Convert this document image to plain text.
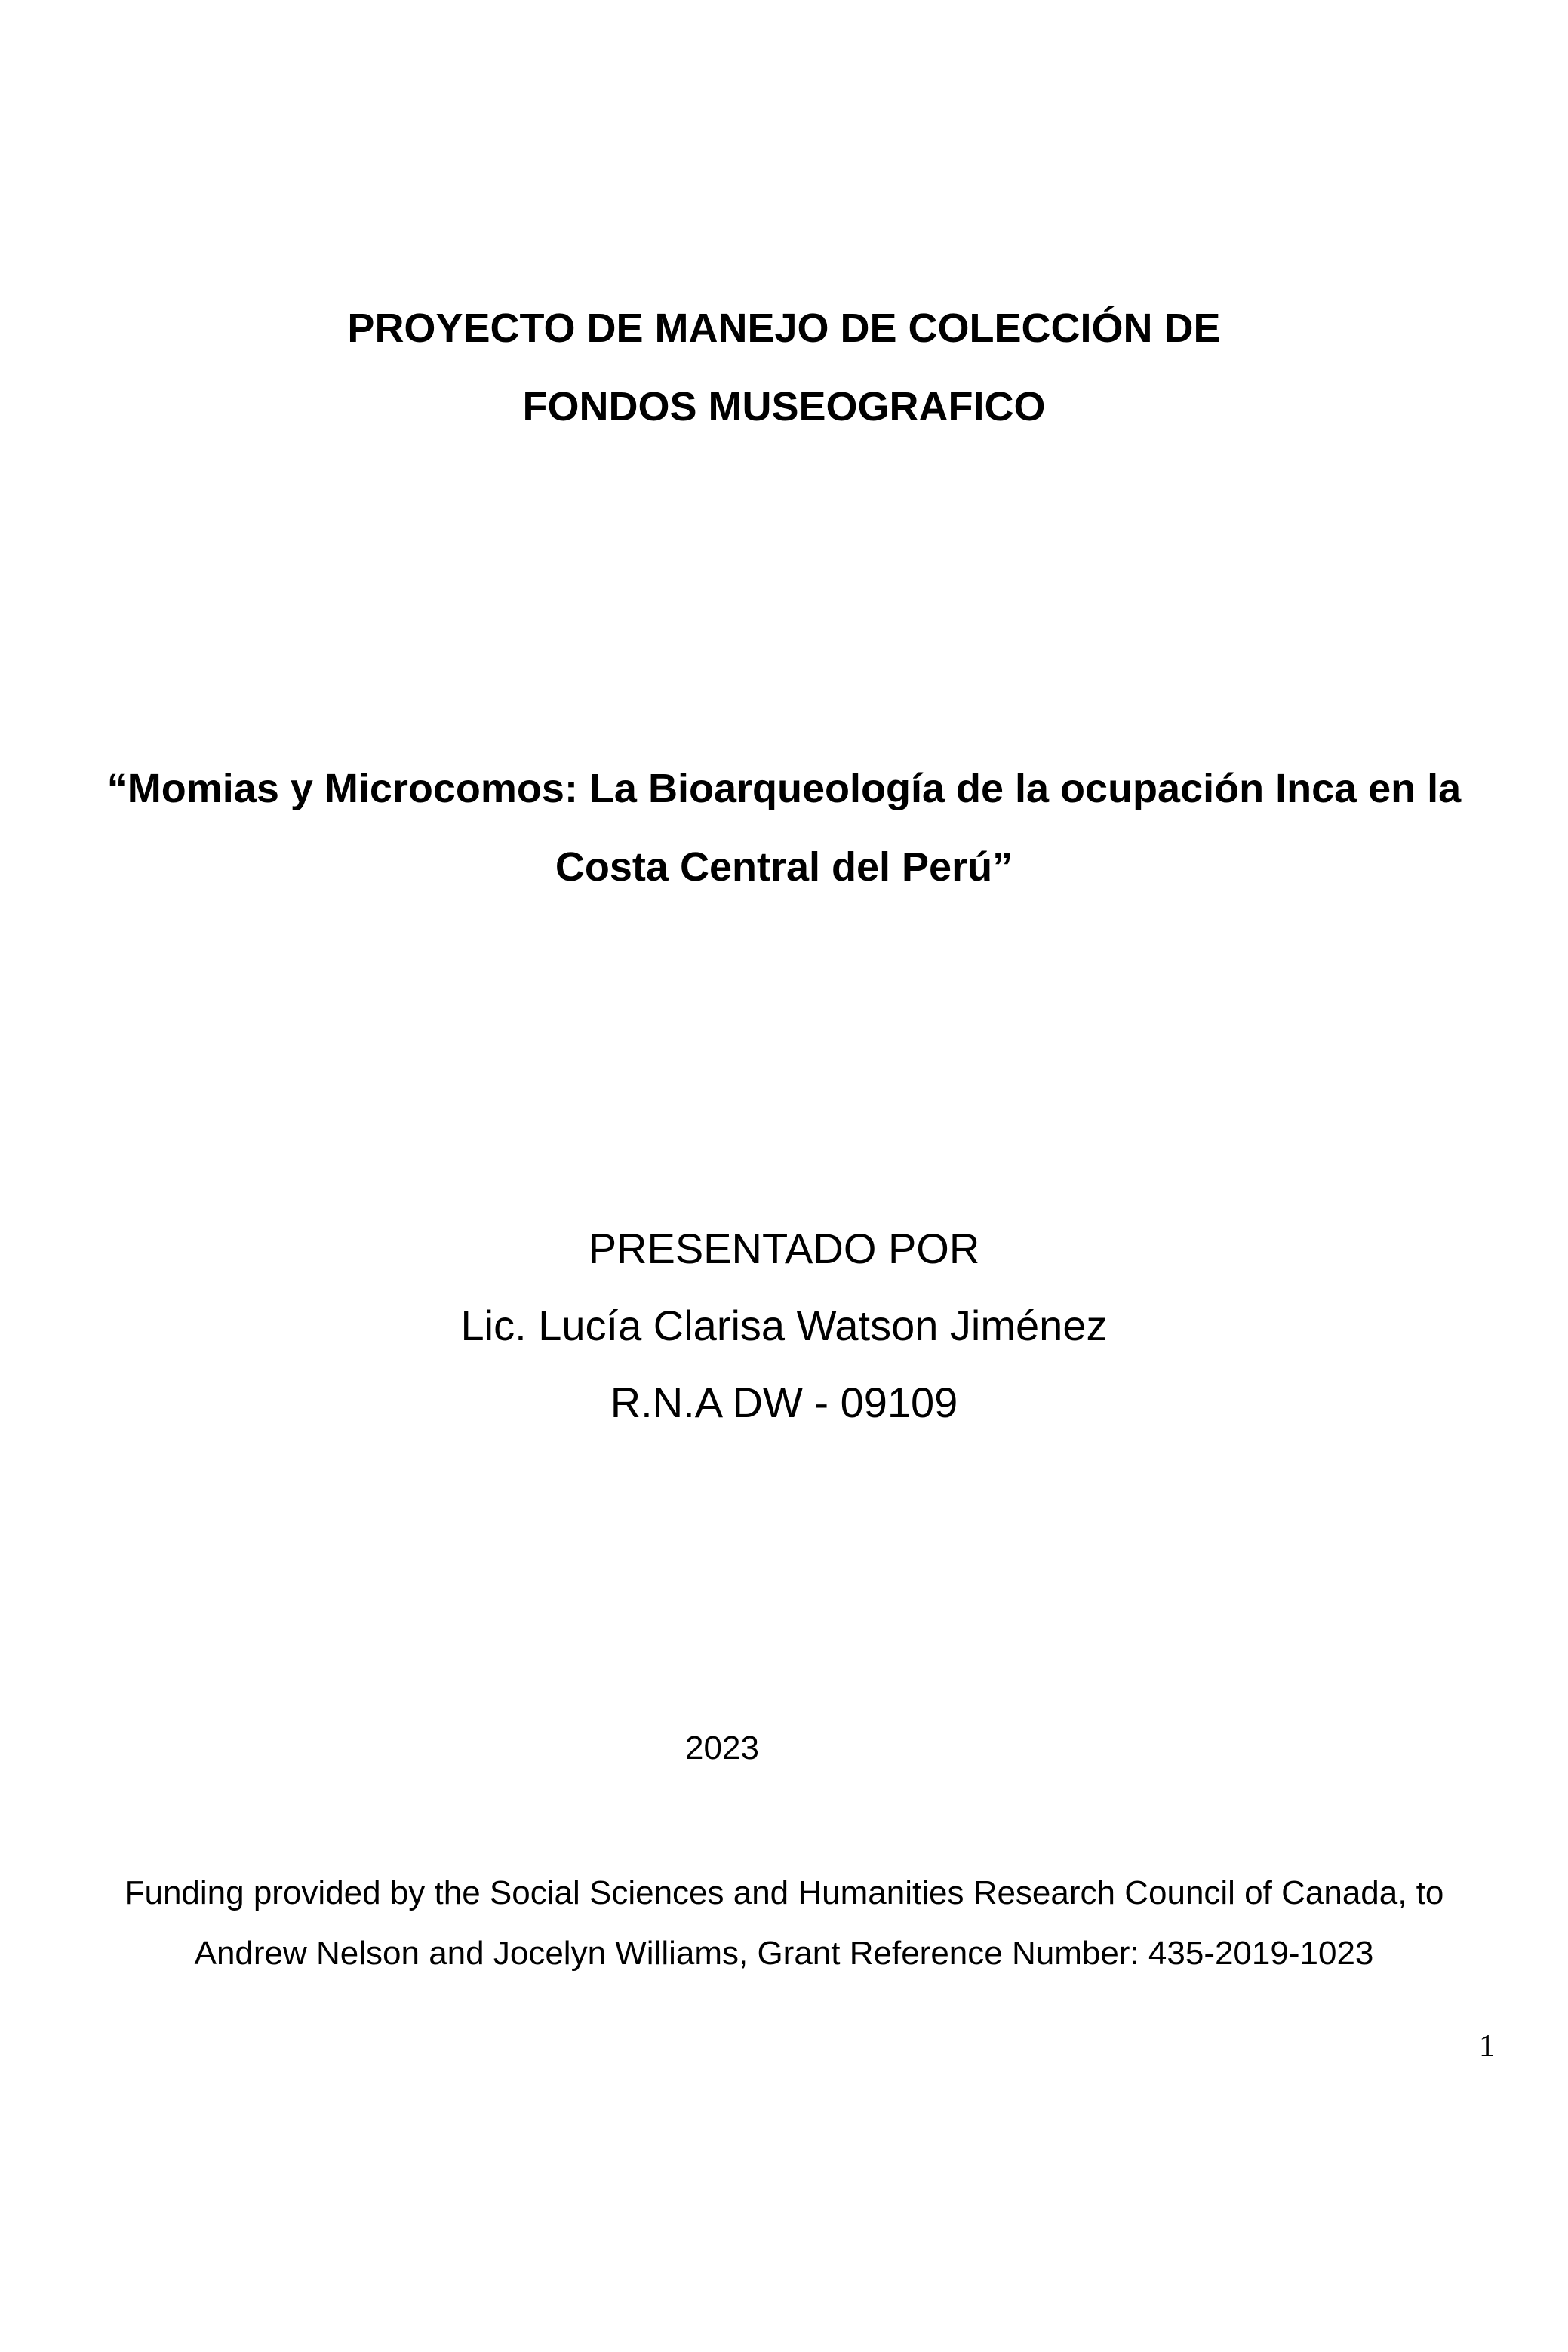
PROYECTO DE MANEJO DE COLECCIÓN DE
FONDOS MUSEOGRAFICO
“Momias y Microcomos: La Bioarqueología de la ocupación Inca en la
Costa Central del Perú”
PRESENTADO POR
Lic. Lucía Clarisa Watson Jiménez
R.N.A DW - 09109
2023
Funding provided by the Social Sciences and Humanities Research Council of Canada, to
Andrew Nelson and Jocelyn Williams, Grant Reference Number: 435-2019-1023
1
